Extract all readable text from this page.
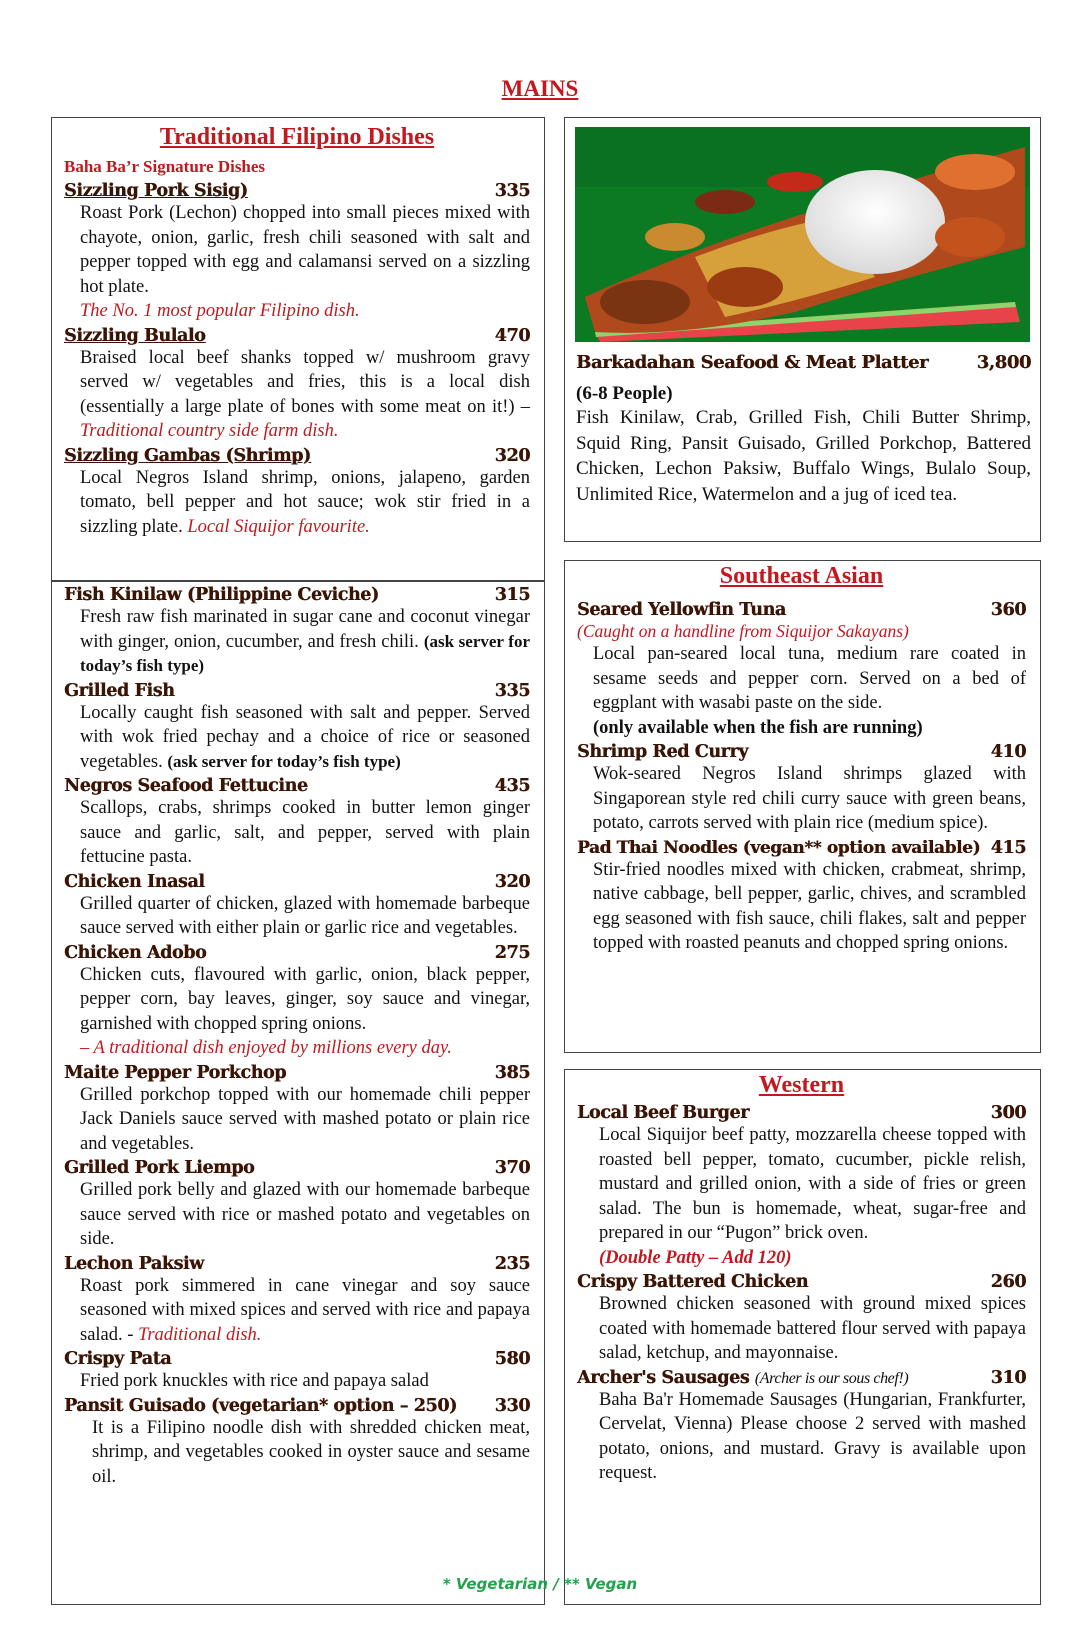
MAINS
Traditional Filipino Dishes
Baha Ba’r Signature Dishes
Sizzling Pork Sisig)	335
Roast Pork (Lechon) chopped into small pieces mixed with chayote, onion, garlic, fresh chili seasoned with salt and pepper topped with egg and calamansi served on a sizzling hot plate.
The No. 1 most popular Filipino dish.
Sizzling Bulalo	470
Braised local beef shanks topped w/ mushroom gravy served w/ vegetables and fries, this is a local dish (essentially a large plate of bones with some meat on it!) – Traditional country side farm dish.
Sizzling Gambas (Shrimp)	320
Local Negros Island shrimp, onions, jalapeno, garden tomato, bell pepper and hot sauce; wok stir fried in a sizzling plate. Local Siquijor favourite.
Fish Kinilaw (Philippine Ceviche)	315
Fresh raw fish marinated in sugar cane and coconut vinegar with ginger, onion, cucumber, and fresh chili. (ask server for today’s fish type)
Grilled Fish	335
Locally caught fish seasoned with salt and pepper. Served with wok fried pechay and a choice of rice or seasoned vegetables. (ask server for today’s fish type)
Negros Seafood Fettucine	435
Scallops, crabs, shrimps cooked in butter lemon ginger sauce and garlic, salt, and pepper, served with plain fettucine pasta.
Chicken Inasal	320
Grilled quarter of chicken, glazed with homemade barbeque sauce served with either plain or garlic rice and vegetables.
Chicken Adobo	275
Chicken cuts, flavoured with garlic, onion, black pepper, pepper corn, bay leaves, ginger, soy sauce and vinegar, garnished with chopped spring onions.
– A traditional dish enjoyed by millions every day.
Maite Pepper Porkchop	385
Grilled porkchop topped with our homemade chili pepper Jack Daniels sauce served with mashed potato or plain rice and vegetables.
Grilled Pork Liempo	370
Grilled pork belly and glazed with our homemade barbeque sauce served with rice or mashed potato and vegetables on side.
Lechon Paksiw	235
Roast pork simmered in cane vinegar and soy sauce seasoned with mixed spices and served with rice and papaya salad. - Traditional dish.
Crispy Pata	580
Fried pork knuckles with rice and papaya salad
Pansit Guisado (vegetarian* option – 250) 330
It is a Filipino noodle dish with shredded chicken meat, shrimp, and vegetables cooked in oyster sauce and sesame oil.
Barkadahan Seafood & Meat Platter	3,800
(6-8 People)
Fish Kinilaw, Crab, Grilled Fish, Chili Butter Shrimp, Squid Ring, Pansit Guisado, Grilled Porkchop, Battered Chicken, Lechon Paksiw, Buffalo Wings, Bulalo Soup, Unlimited Rice, Watermelon and a jug of iced tea.
Southeast Asian
Seared Yellowfin Tuna	360
(Caught on a handline from Siquijor Sakayans)
Local pan-seared local tuna, medium rare coated in sesame seeds and pepper corn. Served on a bed of eggplant with wasabi paste on the side.
(only available when the fish are running)
Shrimp Red Curry	410
Wok-seared Negros Island shrimps glazed with Singaporean style red chili curry sauce with green beans, potato, carrots served with plain rice (medium spice).
Pad Thai Noodles (vegan** option available) 415
Stir-fried noodles mixed with chicken, crabmeat, shrimp, native cabbage, bell pepper, garlic, chives, and scrambled egg seasoned with fish sauce, chili flakes, salt and pepper topped with roasted peanuts and chopped spring onions.
Western
Local Beef Burger	300
Local Siquijor beef patty, mozzarella cheese topped with roasted bell pepper, tomato, cucumber, pickle relish, mustard and grilled onion, with a side of fries or green salad. The bun is homemade, wheat, sugar-free and prepared in our “Pugon” brick oven.
(Double Patty – Add 120)
Crispy Battered Chicken	260
Browned chicken seasoned with ground mixed spices coated with homemade battered flour served with papaya salad, ketchup, and mayonnaise.
Archer's Sausages (Archer is our sous chef!)	310
Baha Ba'r Homemade Sausages (Hungarian, Frankfurter, Cervelat, Vienna) Please choose 2 served with mashed potato, onions, and mustard. Gravy is available upon request.
* Vegetarian / ** Vegan
